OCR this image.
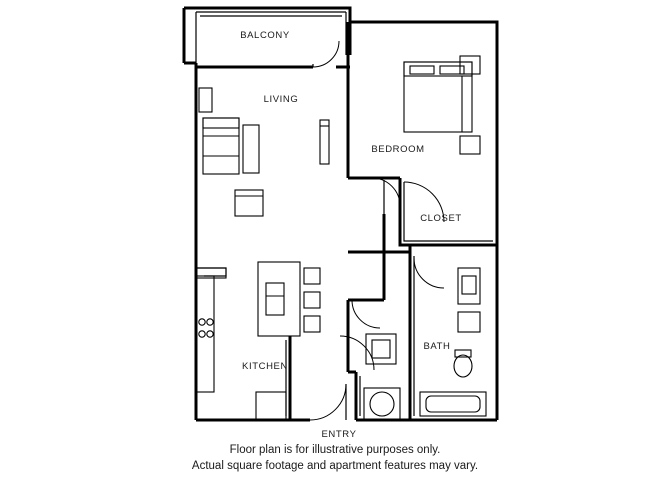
BALCONY
LIVING
BEDROOM
CLOSET
BATH
KITCHEN
ENTRY
Floor plan is for illustrative purposes only.
Actual square footage and apartment features may vary.
